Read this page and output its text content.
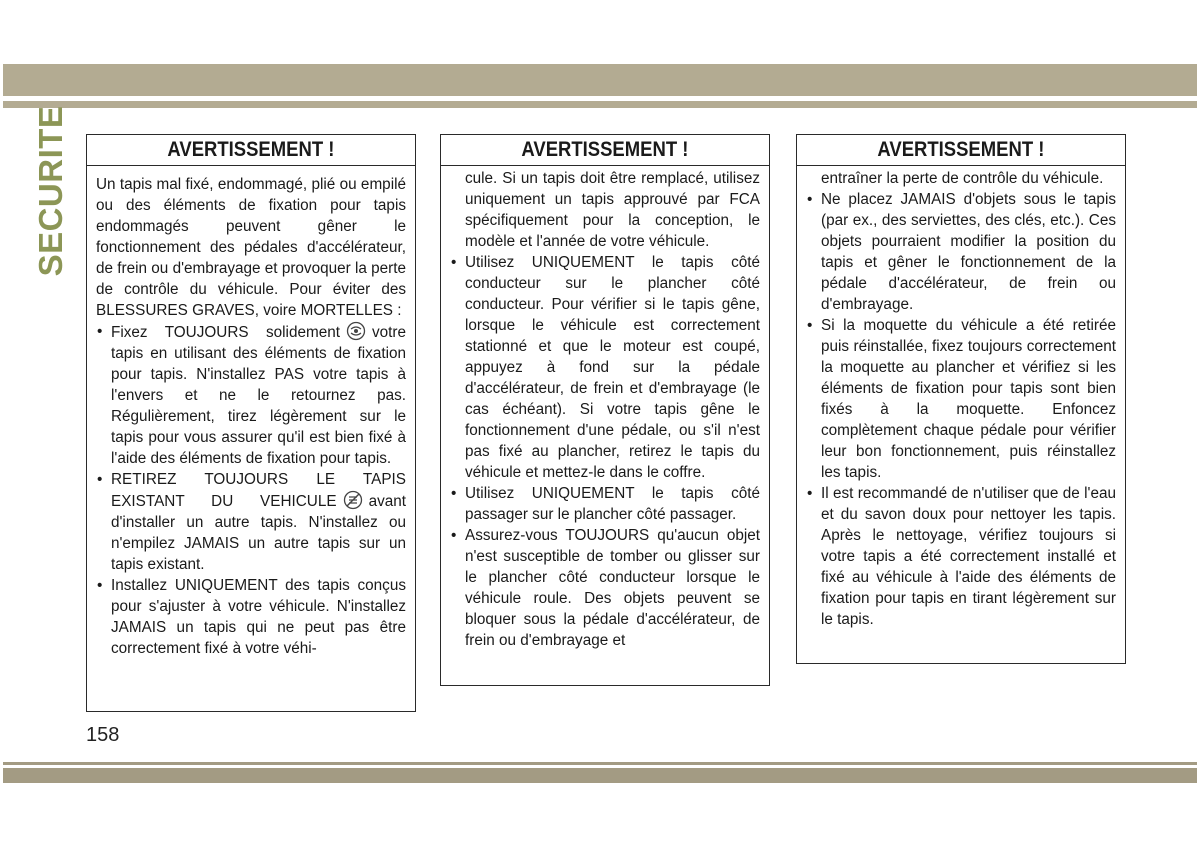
SECURITE	AVERTISSEMENT !

Un tapis mal fixé, endommagé, plié ou empilé ou des éléments de fixation pour tapis endommagés peuvent gêner le fonctionnement des pédales d'accélérateur, de frein ou d'embrayage et provoquer la perte de contrôle du véhicule. Pour éviter des BLESSURES GRAVES, voire MORTELLES :

• Fixez TOUJOURS solidement votre tapis en utilisant des éléments de fixation pour tapis. N'installez PAS votre tapis à l'envers et ne le retournez pas. Régulièrement, tirez légèrement sur le tapis pour vous assurer qu'il est bien fixé à l'aide des éléments de fixation pour tapis.
• RETIREZ TOUJOURS LE TAPIS EXISTANT DU VEHICULE avant d'installer un autre tapis. N'installez ou n'empilez JAMAIS un autre tapis sur un tapis existant.
• Installez UNIQUEMENT des tapis conçus pour s'ajuster à votre véhicule. N'installez JAMAIS un tapis qui ne peut pas être correctement fixé à votre véhi-
AVERTISSEMENT !

cule. Si un tapis doit être remplacé, utilisez uniquement un tapis approuvé par FCA spécifiquement pour la conception, le modèle et l'année de votre véhicule.

• Utilisez UNIQUEMENT le tapis côté conducteur sur le plancher côté conducteur. Pour vérifier si le tapis gêne, lorsque le véhicule est correctement stationné et que le moteur est coupé, appuyez à fond sur la pédale d'accélérateur, de frein et d'embrayage (le cas échéant). Si votre tapis gêne le fonctionnement d'une pédale, ou s'il n'est pas fixé au plancher, retirez le tapis du véhicule et mettez-le dans le coffre.
• Utilisez UNIQUEMENT le tapis côté passager sur le plancher côté passager.
• Assurez-vous TOUJOURS qu'aucun objet n'est susceptible de tomber ou glisser sur le plancher côté conducteur lorsque le véhicule roule. Des objets peuvent se bloquer sous la pédale d'accélérateur, de frein ou d'embrayage et
AVERTISSEMENT !

entraîner la perte de contrôle du véhicule.

• Ne placez JAMAIS d'objets sous le tapis (par ex., des serviettes, des clés, etc.). Ces objets pourraient modifier la position du tapis et gêner le fonctionnement de la pédale d'accélérateur, de frein ou d'embrayage.
• Si la moquette du véhicule a été retirée puis réinstallée, fixez toujours correctement la moquette au plancher et vérifiez si les éléments de fixation pour tapis sont bien fixés à la moquette. Enfoncez complètement chaque pédale pour vérifier leur bon fonctionnement, puis réinstallez les tapis.
• Il est recommandé de n'utiliser que de l'eau et du savon doux pour nettoyer les tapis. Après le nettoyage, vérifiez toujours si votre tapis a été correctement installé et fixé au véhicule à l'aide des éléments de fixation pour tapis en tirant légèrement sur le tapis.
158
